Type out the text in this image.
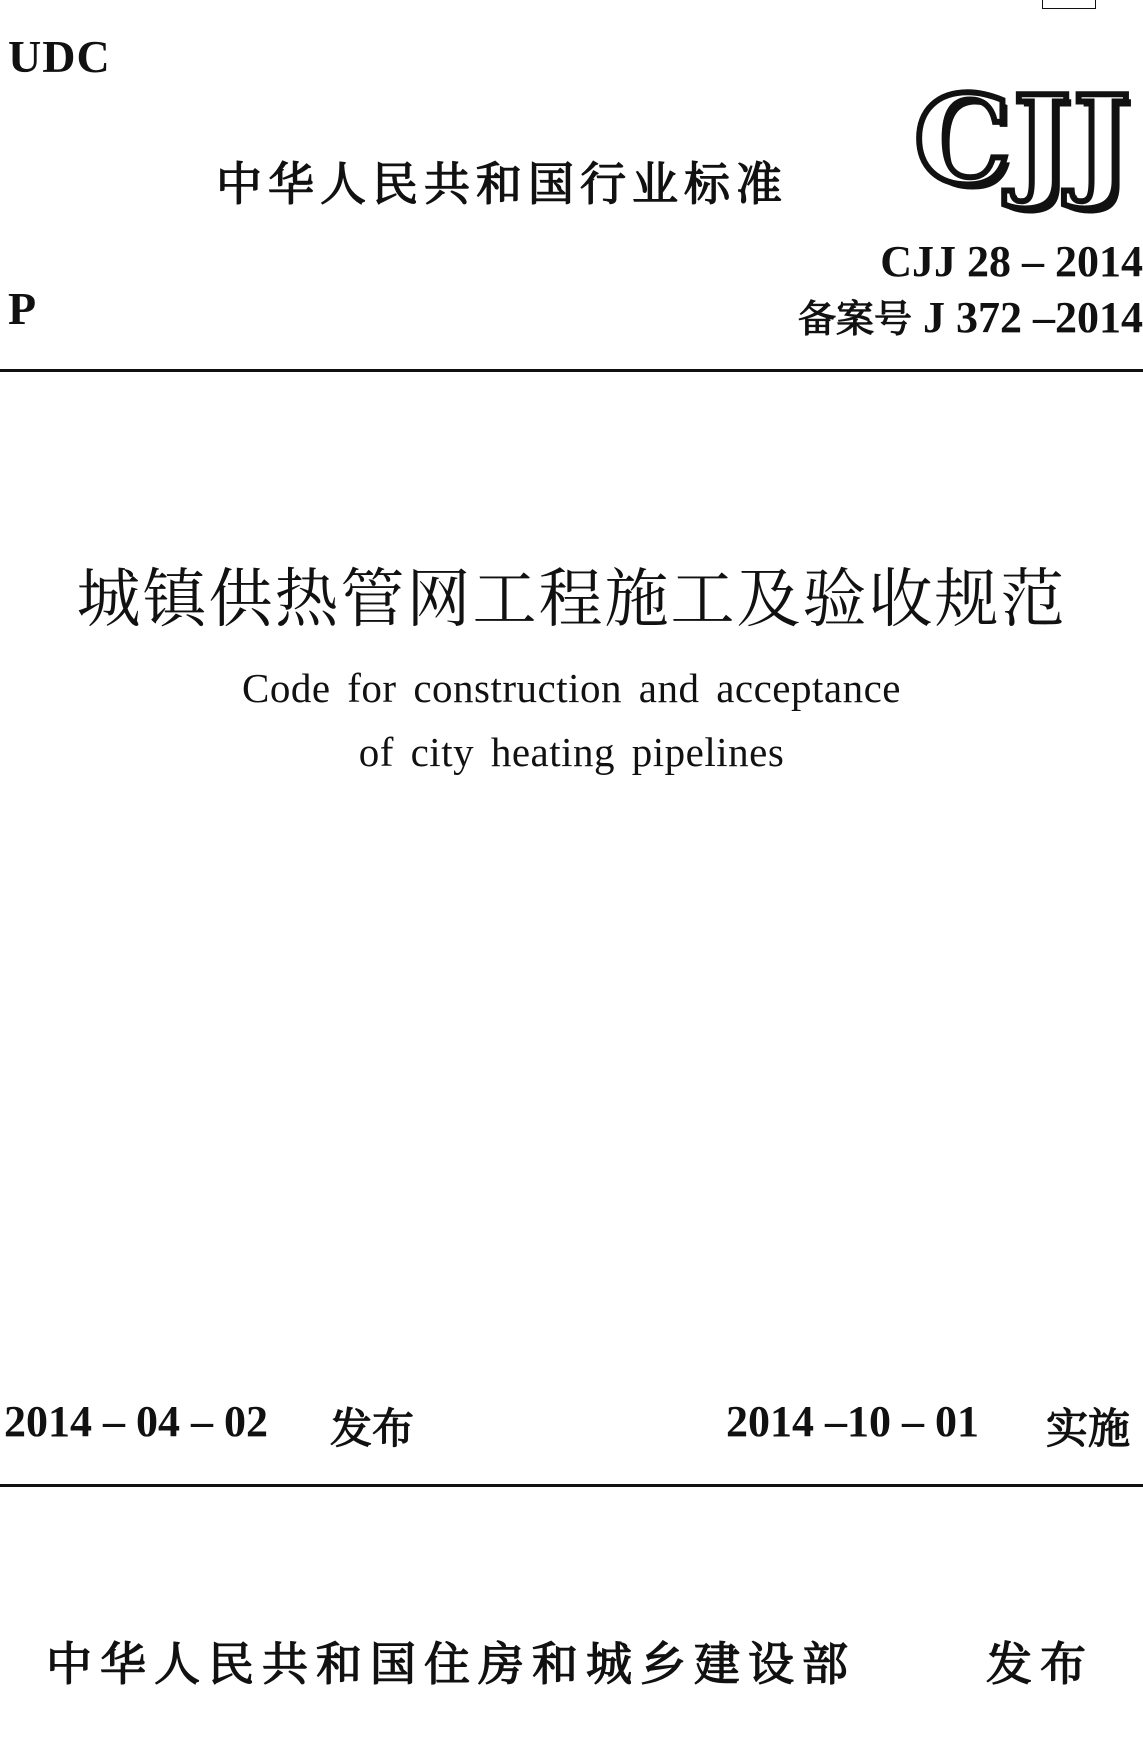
UDC
中华人民共和国行业标准 CJJ
CJJ 28 – 2014
备案号 J 372 –2014
P
城镇供热管网工程施工及验收规范
Code for construction and acceptance
of city heating pipelines
2014 – 04 – 02 发布	2014 –10 – 01 实施
中华人民共和国住房和城乡建设部	发布
